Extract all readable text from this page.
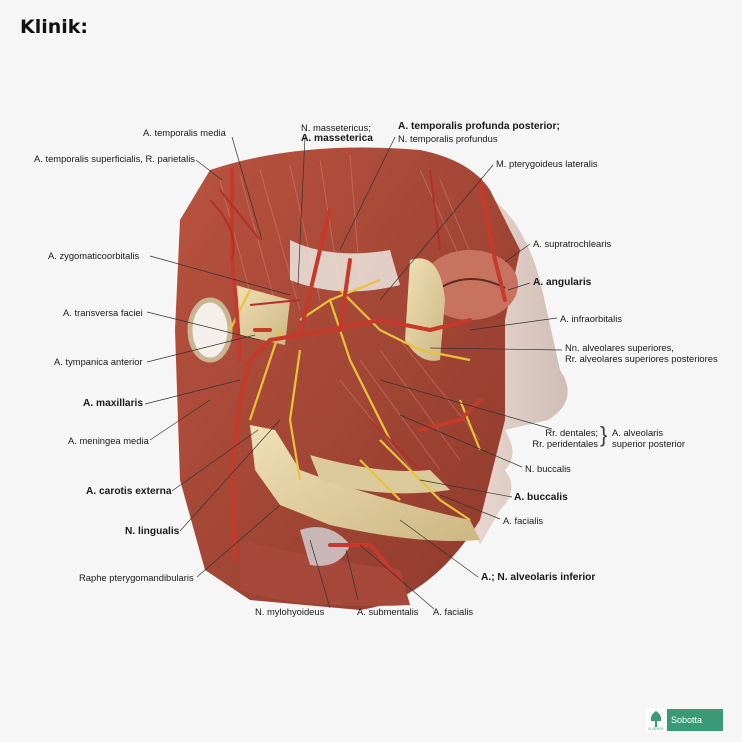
Klinik:
A. temporalis media
A. temporalis superficialis, R. parietalis
A. zygomaticoorbitalis
A. transversa faciei
A. tympanica anterior
A. maxillaris
A. meningea media
A. carotis externa
N. lingualis
Raphe pterygomandibularis
N. mylohyoideus	A. submentalis A. facialis
A.; N. alveolaris inferior
A. facialis
A. buccalis
N. buccalis
Rr. dentales;
Rr. peridentales } A. alveolaris
superior posterior
Nn. alveolares superiores,
Rr. alveolares superiores posteriores
A. infraorbitalis
A. angularis
A. supratrochlearis
M. pterygoideus lateralis
N. massetericus;
A. masseterica
A. temporalis profunda posterior;
N. temporalis profundus
ELSEVIER
Sobotta
